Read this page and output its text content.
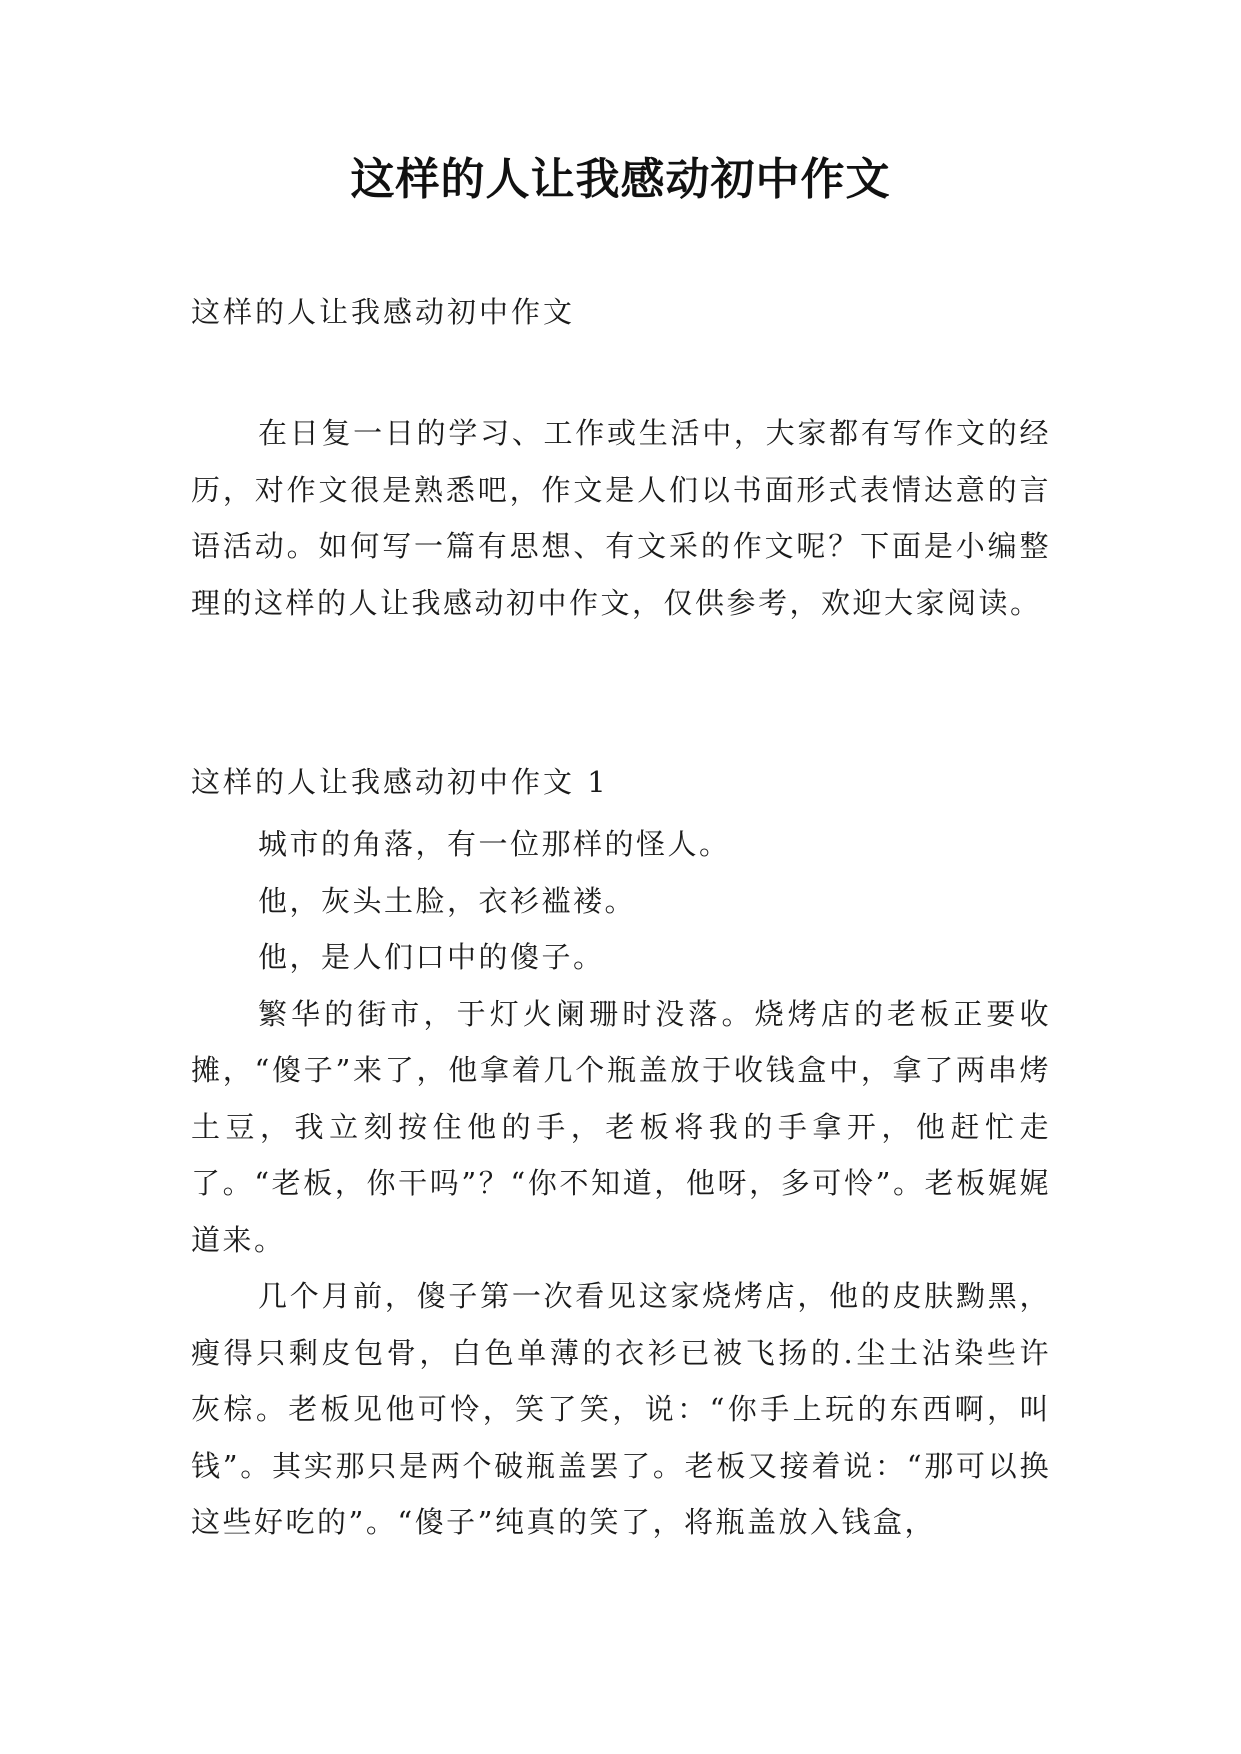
这样的人让我感动初中作文
这样的人让我感动初中作文

在日复一日的学习、工作或生活中，大家都有写作文的经历，对作文很是熟悉吧，作文是人们以书面形式表情达意的言语活动。如何写一篇有思想、有文采的作文呢？下面是小编整理的这样的人让我感动初中作文，仅供参考，欢迎大家阅读。

这样的人让我感动初中作文 1

城市的角落，有一位那样的怪人。

他，灰头土脸，衣衫褴褛。

他，是人们口中的傻子。

繁华的街市，于灯火阑珊时没落。烧烤店的老板正要收摊，“傻子”来了，他拿着几个瓶盖放于收钱盒中，拿了两串烤土豆，我立刻按住他的手，老板将我的手拿开，他赶忙走了。“老板，你干吗”？“你不知道，他呀，多可怜”。老板娓娓道来。

几个月前，傻子第一次看见这家烧烤店，他的皮肤黝黑，瘦得只剩皮包骨，白色单薄的衣衫已被飞扬的.尘土沾染些许灰棕。老板见他可怜，笑了笑，说：“你手上玩的东西啊，叫钱”。其实那只是两个破瓶盖罢了。老板又接着说：“那可以换这些好吃的”。“傻子”纯真的笑了，将瓶盖放入钱盒，
